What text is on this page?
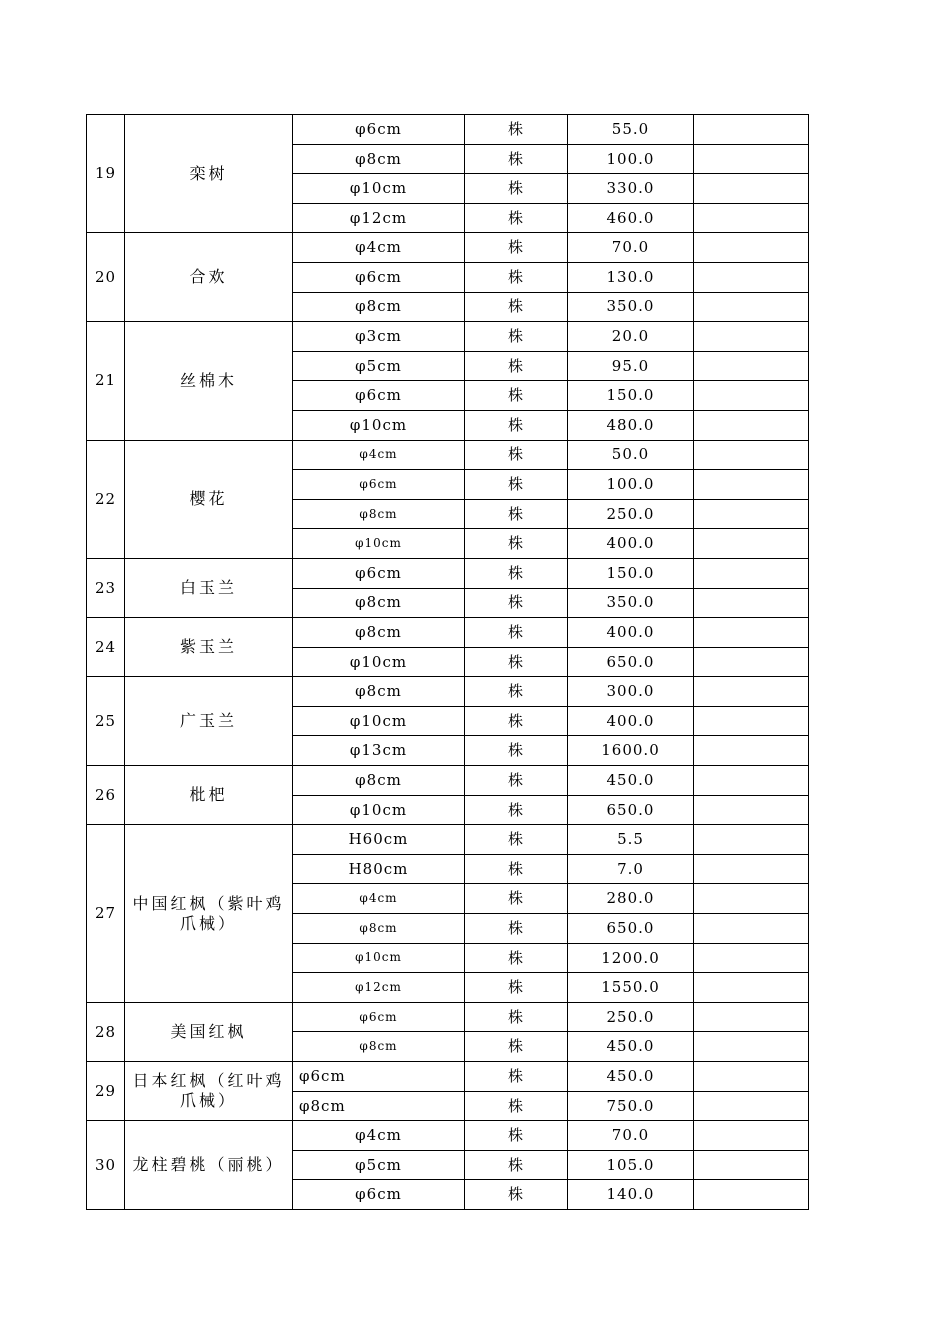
19	栾树	φ6cm	株	55.0	
		φ8cm	株	100.0	
		φ10cm	株	330.0	
		φ12cm	株	460.0	
20	合欢	φ4cm	株	70.0	
		φ6cm	株	130.0	
		φ8cm	株	350.0	
21	丝棉木	φ3cm	株	20.0	
		φ5cm	株	95.0	
		φ6cm	株	150.0	
		φ10cm	株	480.0	
22	樱花	φ4cm	株	50.0	
		φ6cm	株	100.0	
		φ8cm	株	250.0	
		φ10cm	株	400.0	
23	白玉兰	φ6cm	株	150.0	
		φ8cm	株	350.0	
24	紫玉兰	φ8cm	株	400.0	
		φ10cm	株	650.0	
25	广玉兰	φ8cm	株	300.0	
		φ10cm	株	400.0	
		φ13cm	株	1600.0	
26	枇杷	φ8cm	株	450.0	
		φ10cm	株	650.0	
27	中国红枫（紫叶鸡爪械）	H60cm	株	5.5	
		H80cm	株	7.0	
		φ4cm	株	280.0	
		φ8cm	株	650.0	
		φ10cm	株	1200.0	
		φ12cm	株	1550.0	
28	美国红枫	φ6cm	株	250.0	
		φ8cm	株	450.0	
29	日本红枫（红叶鸡爪械）	φ6cm	株	450.0	
		φ8cm	株	750.0	
30	龙柱碧桃（丽桃）	φ4cm	株	70.0	
		φ5cm	株	105.0	
		φ6cm	株	140.0	
